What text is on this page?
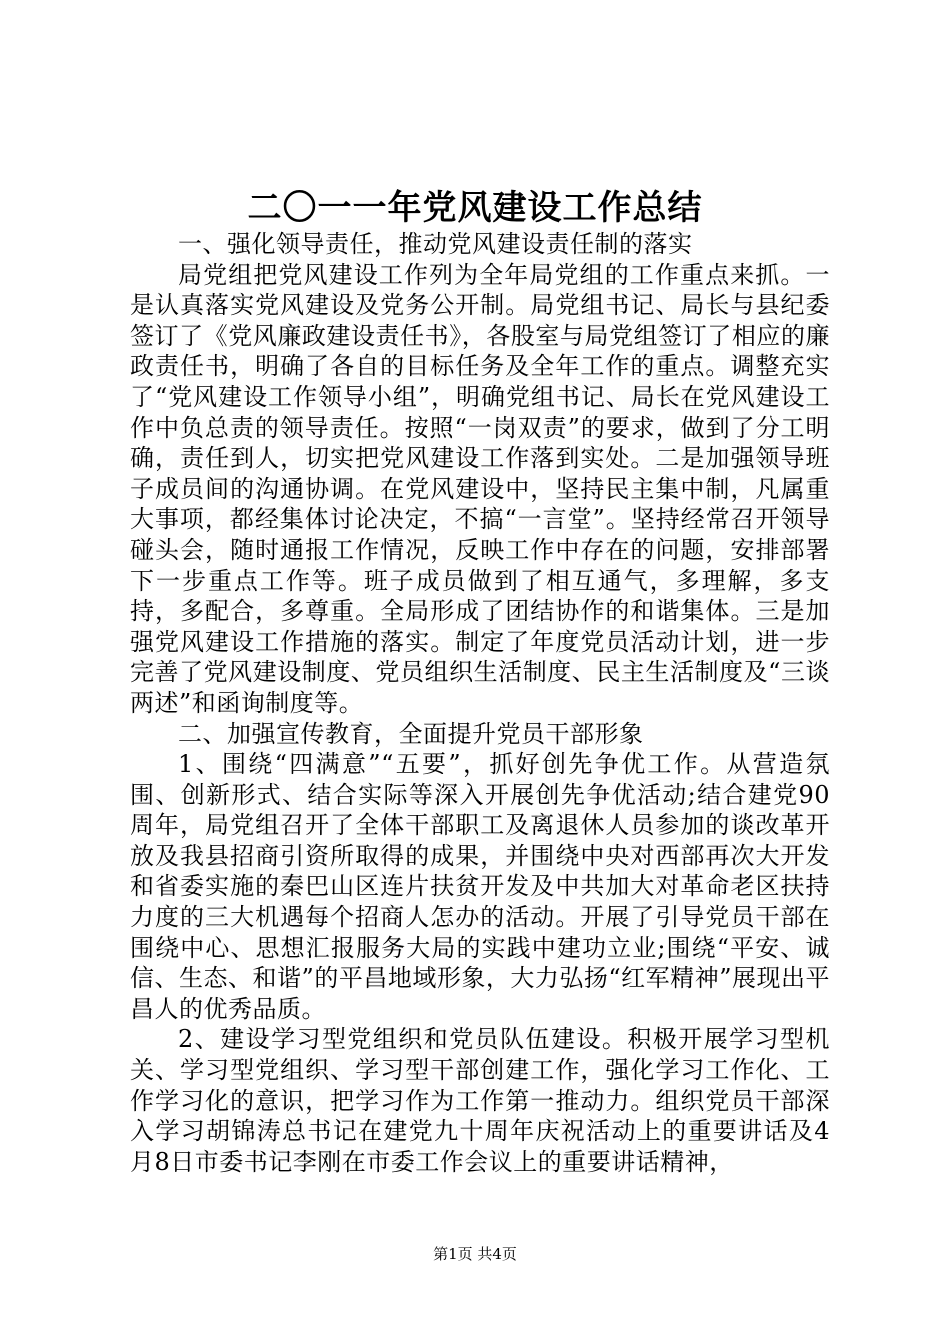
二〇一一年党风建设工作总结

一、强化领导责任，推动党风建设责任制的落实

局党组把党风建设工作列为全年局党组的工作重点来抓。一是认真落实党风建设及党务公开制。局党组书记、局长与县纪委签订了《党风廉政建设责任书》，各股室与局党组签订了相应的廉政责任书，明确了各自的目标任务及全年工作的重点。调整充实了“党风建设工作领导小组”，明确党组书记、局长在党风建设工作中负总责的领导责任。按照“一岗双责”的要求，做到了分工明确，责任到人，切实把党风建设工作落到实处。二是加强领导班子成员间的沟通协调。在党风建设中，坚持民主集中制，凡属重大事项，都经集体讨论决定，不搞“一言堂”。坚持经常召开领导碰头会，随时通报工作情况，反映工作中存在的问题，安排部署下一步重点工作等。班子成员做到了相互通气，多理解，多支持，多配合，多尊重。全局形成了团结协作的和谐集体。三是加强党风建设工作措施的落实。制定了年度党员活动计划，进一步完善了党风建设制度、党员组织生活制度、民主生活制度及“三谈两述”和函询制度等。

二、加强宣传教育，全面提升党员干部形象

1、围绕“四满意”“五要”，抓好创先争优工作。从营造氛围、创新形式、结合实际等深入开展创先争优活动;结合建党90周年，局党组召开了全体干部职工及离退休人员参加的谈改革开放及我县招商引资所取得的成果，并围绕中央对西部再次大开发和省委实施的秦巴山区连片扶贫开发及中共加大对革命老区扶持力度的三大机遇每个招商人怎办的活动。开展了引导党员干部在围绕中心、思想汇报服务大局的实践中建功立业;围绕“平安、诚信、生态、和谐”的平昌地域形象，大力弘扬“红军精神”展现出平昌人的优秀品质。

2、建设学习型党组织和党员队伍建设。积极开展学习型机关、学习型党组织、学习型干部创建工作，强化学习工作化、工作学习化的意识，把学习作为工作第一推动力。组织党员干部深入学习胡锦涛总书记在建党九十周年庆祝活动上的重要讲话及4月8日市委书记李刚在市委工作会议上的重要讲话精神，

第1页 共4页
